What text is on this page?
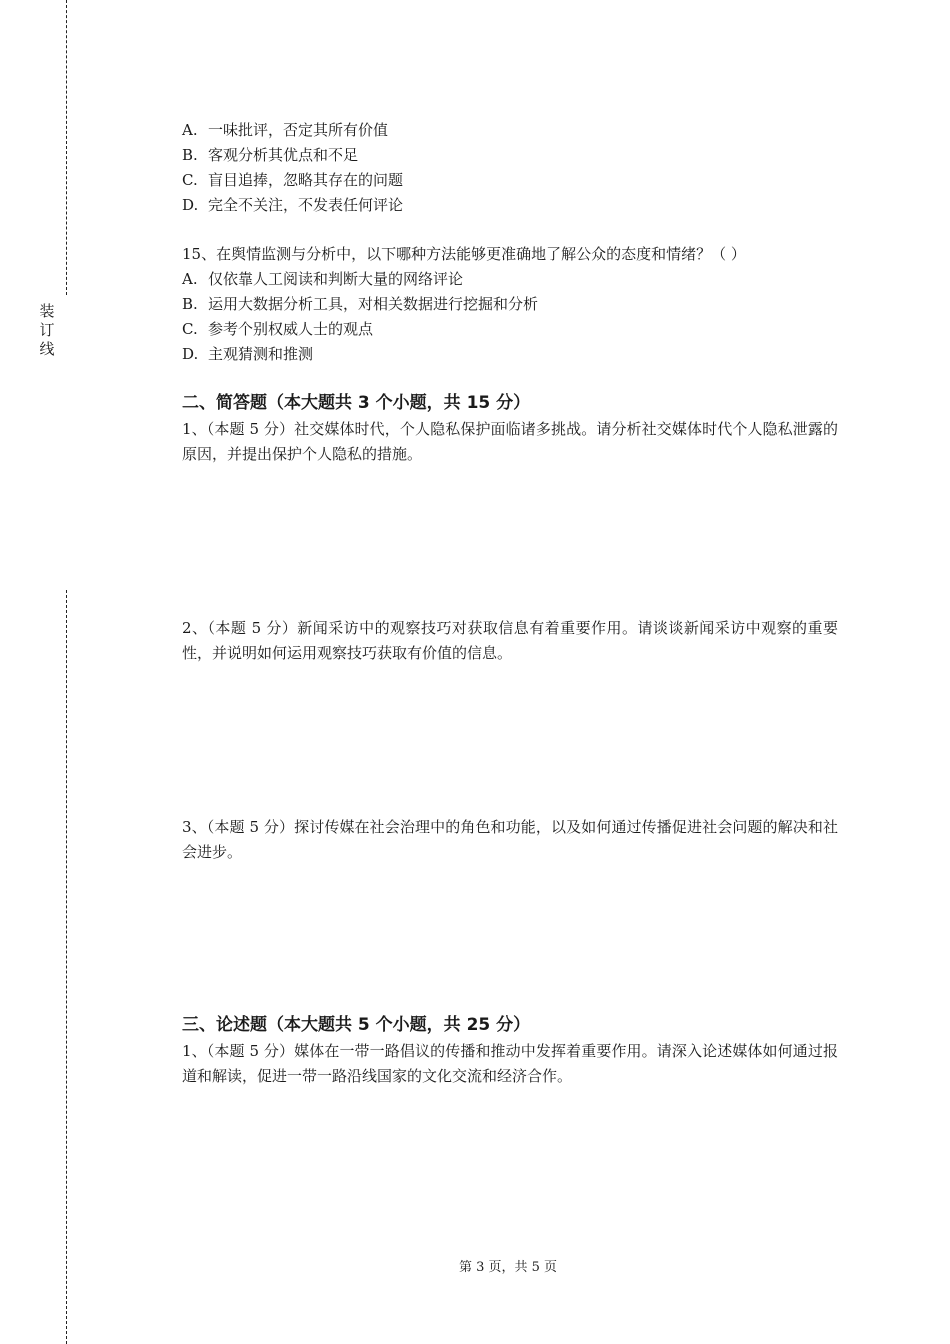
装
订
线
A. 一味批评，否定其所有价值
B. 客观分析其优点和不足
C. 盲目追捧，忽略其存在的问题
D. 完全不关注，不发表任何评论
15、在舆情监测与分析中，以下哪种方法能够更准确地了解公众的态度和情绪？（ ）
A. 仅依靠人工阅读和判断大量的网络评论
B. 运用大数据分析工具，对相关数据进行挖掘和分析
C. 参考个别权威人士的观点
D. 主观猜测和推测
二、简答题（本大题共 3 个小题，共 15 分）
1、（本题 5 分）社交媒体时代，个人隐私保护面临诸多挑战。请分析社交媒体时代个人隐私泄露的原因，并提出保护个人隐私的措施。
2、（本题 5 分）新闻采访中的观察技巧对获取信息有着重要作用。请谈谈新闻采访中观察的重要性，并说明如何运用观察技巧获取有价值的信息。
3、（本题 5 分）探讨传媒在社会治理中的角色和功能，以及如何通过传播促进社会问题的解决和社会进步。
三、论述题（本大题共 5 个小题，共 25 分）
1、（本题 5 分）媒体在一带一路倡议的传播和推动中发挥着重要作用。请深入论述媒体如何通过报道和解读，促进一带一路沿线国家的文化交流和经济合作。
第 3 页，共 5 页
